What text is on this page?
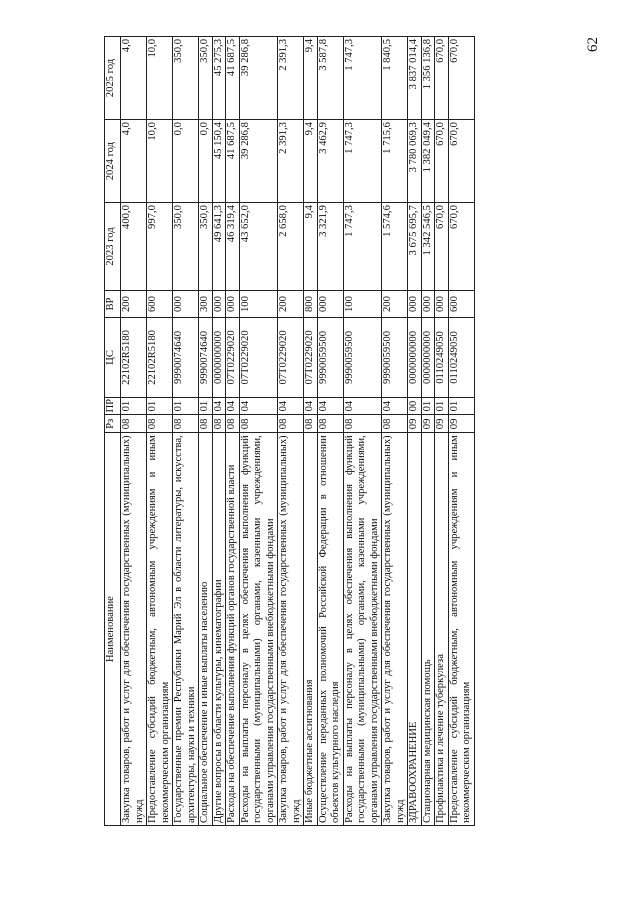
62
Наименование	Рз	ПР	ЦС	ВР	2023 год	2024 год	2025 год
Закупка товаров, работ и услуг для обеспечения государственных (муниципальных) нужд	08	01	22102R5180	200	400,0	4,0	4,0
Предоставление субсидий бюджетным, автономным учреждениям и иным некоммерческим организациям	08	01	22102R5180	600	997,0	10,0	10,0
Государственные премии Республики Марий Эл в области литературы, искусства, архитектуры, науки и техники	08	01	9990074640	000	350,0	0,0	350,0
Социальное обеспечение и иные выплаты населению	08	01	9990074640	300	350,0	0,0	350,0
Другие вопросы в области культуры, кинематографии	08	04	0000000000	000	49 641,3	45 150,4	45 275,3
Расходы на обеспечение выполнения функций органов государственной власти	08	04	07Т0229020	000	46 319,4	41 687,5	41 687,5
Расходы на выплаты персоналу в целях обеспечения выполнения функций государственными (муниципальными) органами, казенными учреждениями, органами управления государственными внебюджетными фондами	08	04	07Т0229020	100	43 652,0	39 286,8	39 286,8
Закупка товаров, работ и услуг для обеспечения государственных (муниципальных) нужд	08	04	07Т0229020	200	2 658,0	2 391,3	2 391,3
Иные бюджетные ассигнования	08	04	07Т0229020	800	9,4	9,4	9,4
Осуществление переданных полномочий Российской Федерации в отношении объектов культурного наследия	08	04	9990059500	000	3 321,9	3 462,9	3 587,8
Расходы на выплаты персоналу в целях обеспечения выполнения функций государственными (муниципальными) органами, казенными учреждениями, органами управления государственными внебюджетными фондами	08	04	9990059500	100	1 747,3	1 747,3	1 747,3
Закупка товаров, работ и услуг для обеспечения государственных (муниципальных) нужд	08	04	9990059500	200	1 574,6	1 715,6	1 840,5
ЗДРАВООХРАНЕНИЕ	09	00	0000000000	000	3 675 695,7	3 780 069,3	3 837 014,4
Стационарная медицинская помощь	09	01	0000000000	000	1 342 546,5	1 382 049,4	1 356 136,8
Профилактика и лечение туберкулеза	09	01	0110249050	000	670,0	670,0	670,0
Предоставление субсидий бюджетным, автономным учреждениям и иным некоммерческим организациям	09	01	0110249050	600	670,0	670,0	670,0
